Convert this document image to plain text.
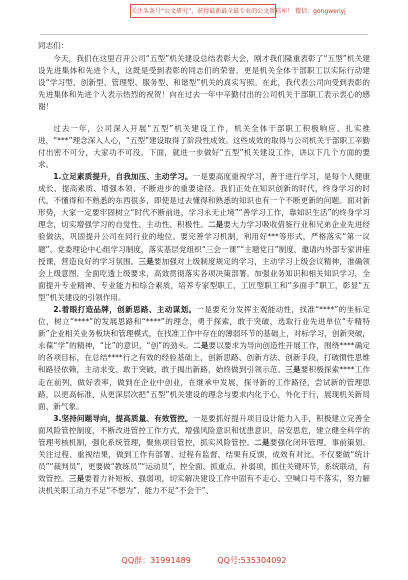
关注头条号“公文研究”，获得最新最全最专业的公文资料库！ 微信：gongwenyj

同志们：

今天，我们在这里召开公司“五型”机关建设总结表彰大会，刚才我们隆重表彰了“五型”机关建设先进集体和先进个人，这既是受到表彰的同志们的荣誉，更是机关全体干部职工以实际行动建设“学习型、创新型、管理型、服务型、和谐型”机关的真实写照。在此，我代表公司向受到表彰的先进集体和先进个人表示热烈的祝贺！向在过去一年中辛勤付出的公司机关干部职工表示衷心的感谢！

过去一年，公司深入开展“五型”机关建设工作，机关全体干部职工积极响应、扎实推进，“***”理念深入人心，“五型”建设取得了阶段性成效。这些成效的取得与公司机关干部职工辛勤付出密不可分，大家功不可没。下面，就进一步做好“五型”机关建设工作，讲以下几个方面的要求。

1.立足素质提升，自我加压、主动学习。一是要高度重视学习，善于进行学习，是每个人健康成长、提高素质、增强本领、不断进步的重要途径。我们正处在知识创新的时代，终身学习的时代，不懂得和不熟悉的东西很多，即使是过去懂得和熟悉的知识也有一个不断更新的问题。面对新形势，大家一定要牢固树立“时代不断前进，学习永无止境”“善学习工作，靠知识生活”的终身学习理念，切实增强学习的自觉性、主动性、积极性。二是要大力学习吸收借鉴行业和兄弟企业先进经验做法，巩固提升公司在同行业的地位。要完善学习机制，利用好***等形式，严格落实“第一议题”、党委理论中心组学习制度，落实基层党组织“三会一课”“主题党日”制度，邀请内外部专家讲座授课，营造良好的学习氛围。三是要加强对上级制度规定的学习，主动学习上级会议精神，准确领会上级意图，全面吃透上级要求，高效贯彻落实各项决策部署。加强业务知识和相关知识学习，全面提升专业精神、专业能力和综合素质，培养专家型职工、工匠型职工和“多面手”职工，彰显“五型”机关建设的引领作用。

2.着眼打造品牌，创新思路、主动谋划。一是要充分发挥主观能动性，找准“****”的坐标定位，树立“****”的发展思路和“****”的理念，勇于探索，敢于突破，选取行业先进单位“专精特新”企业相关业务板块和管理模式，在找准工作中存在的薄弱环节的基础上，对标学习，创新突破，永葆“学”的精神，“比”的意识，“创”的劲头。二是要以要求为导向创造性开展工作，围绕****确定的各项目标，在总结****行之有效的经验基础上，创新思路、创新方法、创新手段，打破惯性思维和路径依赖，主动求变、敢于突破，敢于揭出新路，始终做到引领示范。三是要积极探索****工作走在前列，做好表率，做到在企业中创业，在继承中发展，探寻新的工作路径，尝试新的管理思路，以更高标准，从更深层次把“五型”机关建设的理念与要求内化于心，外化于行，展现机关新局面、新气象。

3.坚持问题导向，提高质量、有效管控。一是要抓好提升项目设计能力入手，积极建立完善全面风险管控制度，不断改进管控工作方式，增强风险意识和忧患意识，居安思危，建立健全科学的管理考核机制，强化系统管理，聚焦项目管控，抓实风险管控。二是要强化闭环管理，事前策划、关注过程、重视结果，做到工作有部署、过程有监督、结果有反馈，成效有对比。不仅要做“统计员”“裁判员”，更要做“教练员”“运动员”，控全面、抓重点、补弱项，抓住关键环节，系统联动，有效管控。三是要着力补短板、强弱项，切实解决建设工作中固有不走心、空喊口号不落实，努力解决机关职工动力不足“不想为”、能力不足“不会干”、

QQ群：31991489	QQ号:535304092
